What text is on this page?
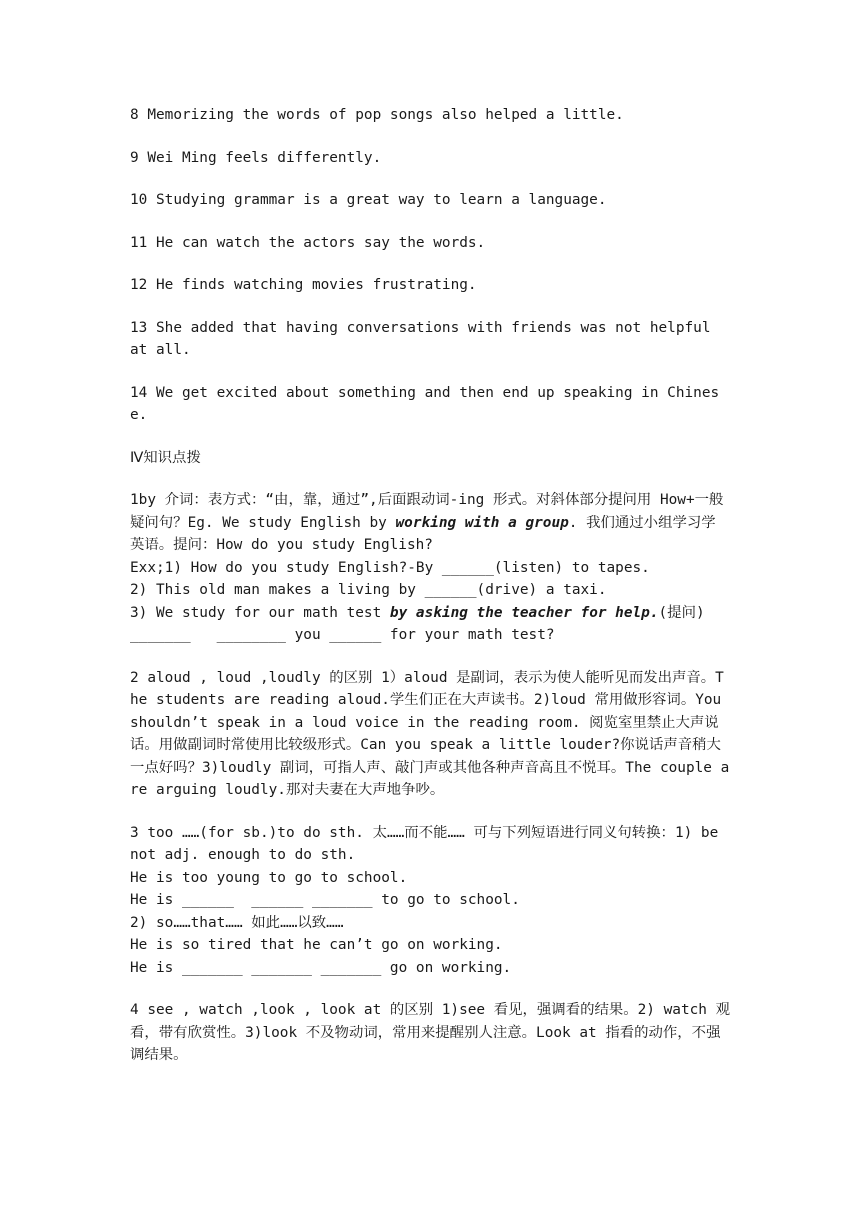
8 Memorizing the words of pop songs also helped a little.

9 Wei Ming feels differently.

10 Studying grammar is a great way to learn a language.

11 He can watch the actors say the words.

12 He finds watching movies frustrating.

13 She added that having conversations with friends was not helpful at all.

14 We get excited about something and then end up speaking in Chinese.

Ⅳ知识点拨

1by 介词：表方式：“由，靠，通过”,后面跟动词-ing 形式。对斜体部分提问用 How+一般疑问句？Eg. We study English by working with a group. 我们通过小组学习学英语。提问：How do you study English?
Exx;1) How do you study English?-By ______(listen) to tapes.
2) This old man makes a living by ______(drive) a taxi.
3) We study for our math test by asking the teacher for help.(提问)
_______   ________ you ______ for your math test?

2 aloud , loud ,loudly 的区别 1）aloud 是副词，表示为使人能听见而发出声音。The students are reading aloud.学生们正在大声读书。2)loud 常用做形容词。You shouldn’t speak in a loud voice in the reading room. 阅览室里禁止大声说话。用做副词时常使用比较级形式。Can you speak a little louder?你说话声音稍大一点好吗？3)loudly 副词，可指人声、敲门声或其他各种声音高且不悦耳。The couple are arguing loudly.那对夫妻在大声地争吵。

3 too ……(for sb.)to do sth. 太……而不能…… 可与下列短语进行同义句转换：1) be not adj. enough to do sth.
He is too young to go to school.
He is ______  ______ _______ to go to school.
2) so……that…… 如此……以致……
He is so tired that he can’t go on working.
He is _______ _______ _______ go on working.

4 see , watch ,look , look at 的区别 1)see 看见，强调看的结果。2) watch 观看，带有欣赏性。3)look 不及物动词，常用来提醒别人注意。Look at 指看的动作，不强调结果。
